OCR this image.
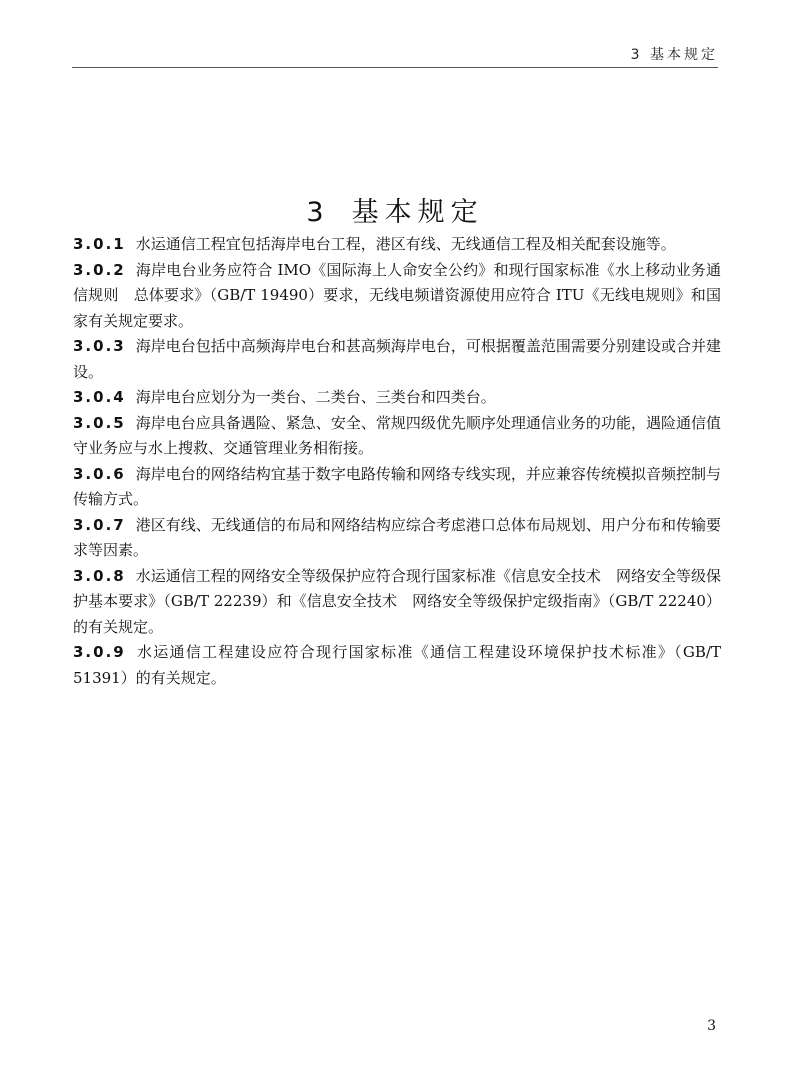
3 基本规定
3 基本规定

3.0.1 水运通信工程宜包括海岸电台工程，港区有线、无线通信工程及相关配套设施等。

3.0.2 海岸电台业务应符合 IMO《国际海上人命安全公约》和现行国家标准《水上移动业务通信规则　总体要求》（GB/T 19490）要求，无线电频谱资源使用应符合 ITU《无线电规则》和国家有关规定要求。

3.0.3 海岸电台包括中高频海岸电台和甚高频海岸电台，可根据覆盖范围需要分别建设或合并建设。

3.0.4 海岸电台应划分为一类台、二类台、三类台和四类台。

3.0.5 海岸电台应具备遇险、紧急、安全、常规四级优先顺序处理通信业务的功能，遇险通信值守业务应与水上搜救、交通管理业务相衔接。

3.0.6 海岸电台的网络结构宜基于数字电路传输和网络专线实现，并应兼容传统模拟音频控制与传输方式。

3.0.7 港区有线、无线通信的布局和网络结构应综合考虑港口总体布局规划、用户分布和传输要求等因素。

3.0.8 水运通信工程的网络安全等级保护应符合现行国家标准《信息安全技术　网络安全等级保护基本要求》（GB/T 22239）和《信息安全技术　网络安全等级保护定级指南》（GB/T 22240）的有关规定。

3.0.9 水运通信工程建设应符合现行国家标准《通信工程建设环境保护技术标准》（GB/T 51391）的有关规定。

3
